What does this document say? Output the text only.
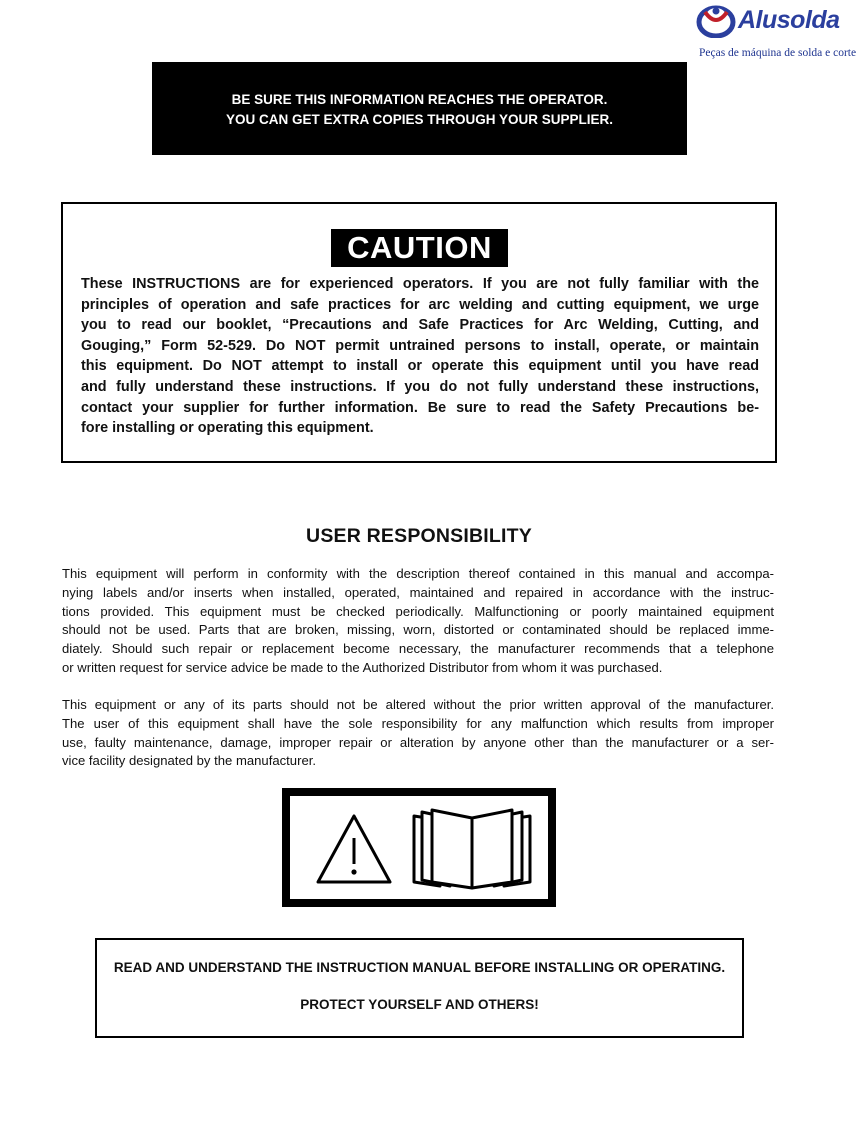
Alusolda
Peças de máquina de solda e corte
BE SURE THIS INFORMATION REACHES THE OPERATOR.
YOU CAN GET EXTRA COPIES THROUGH YOUR SUPPLIER.
CAUTION
These INSTRUCTIONS are for experienced operators. If you are not fully familiar with the
principles of operation and safe practices for arc welding and cutting equipment, we urge
you to read our booklet, “Precautions and Safe Practices for Arc Welding, Cutting, and
Gouging,” Form 52-529. Do NOT permit untrained persons to install, operate, or maintain
this equipment. Do NOT attempt to install or operate this equipment until you have read
and fully understand these instructions. If you do not fully understand these instructions,
contact your supplier for further information. Be sure to read the Safety Precautions be-
fore installing or operating this equipment.
USER RESPONSIBILITY
This equipment will perform in conformity with the description thereof contained in this manual and accompa-
nying labels and/or inserts when installed, operated, maintained and repaired in accordance with the instruc-
tions provided. This equipment must be checked periodically. Malfunctioning or poorly maintained equipment
should not be used. Parts that are broken, missing, worn, distorted or contaminated should be replaced imme-
diately. Should such repair or replacement become necessary, the manufacturer recommends that a telephone
or written request for service advice be made to the Authorized Distributor from whom it was purchased.
This equipment or any of its parts should not be altered without the prior written approval of the manufacturer.
The user of this equipment shall have the sole responsibility for any malfunction which results from improper
use, faulty maintenance, damage, improper repair or alteration by anyone other than the manufacturer or a ser-
vice facility designated by the manufacturer.
READ AND UNDERSTAND THE INSTRUCTION MANUAL BEFORE INSTALLING OR OPERATING.
PROTECT YOURSELF AND OTHERS!
